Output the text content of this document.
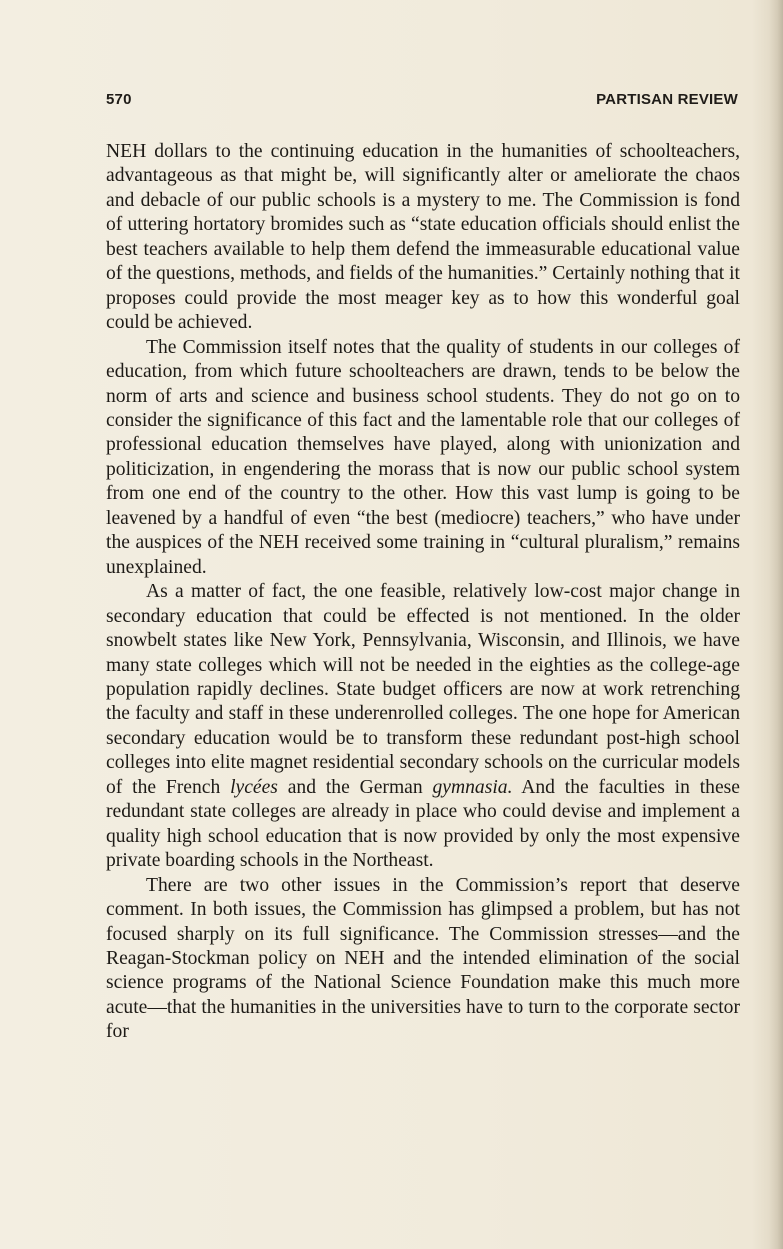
570	PARTISAN REVIEW

NEH dollars to the continuing education in the humanities of schoolteachers, advantageous as that might be, will significantly alter or ameliorate the chaos and debacle of our public schools is a mystery to me. The Commission is fond of uttering hortatory bromides such as “state education officials should enlist the best teachers available to help them defend the immeasurable educational value of the questions, methods, and fields of the humanities.” Certainly nothing that it proposes could provide the most meager key as to how this wonderful goal could be achieved.

The Commission itself notes that the quality of students in our colleges of education, from which future schoolteachers are drawn, tends to be below the norm of arts and science and business school students. They do not go on to consider the significance of this fact and the lamentable role that our colleges of professional education themselves have played, along with unionization and politicization, in engendering the morass that is now our public school system from one end of the country to the other. How this vast lump is going to be leavened by a handful of even “the best (mediocre) teachers,” who have under the auspices of the NEH received some training in “cultural pluralism,” remains unexplained.

As a matter of fact, the one feasible, relatively low-cost major change in secondary education that could be effected is not mentioned. In the older snowbelt states like New York, Pennsylvania, Wisconsin, and Illinois, we have many state colleges which will not be needed in the eighties as the college-age population rapidly declines. State budget officers are now at work retrenching the faculty and staff in these underenrolled colleges. The one hope for American secondary education would be to transform these redundant post-high school colleges into elite magnet residential secondary schools on the curricular models of the French lycées and the German gymnasia. And the faculties in these redundant state colleges are already in place who could devise and implement a quality high school education that is now provided by only the most expensive private boarding schools in the Northeast.

There are two other issues in the Commission’s report that deserve comment. In both issues, the Commission has glimpsed a problem, but has not focused sharply on its full significance. The Commission stresses—and the Reagan-Stockman policy on NEH and the intended elimination of the social science programs of the National Science Foundation make this much more acute—that the humanities in the universities have to turn to the corporate sector for
